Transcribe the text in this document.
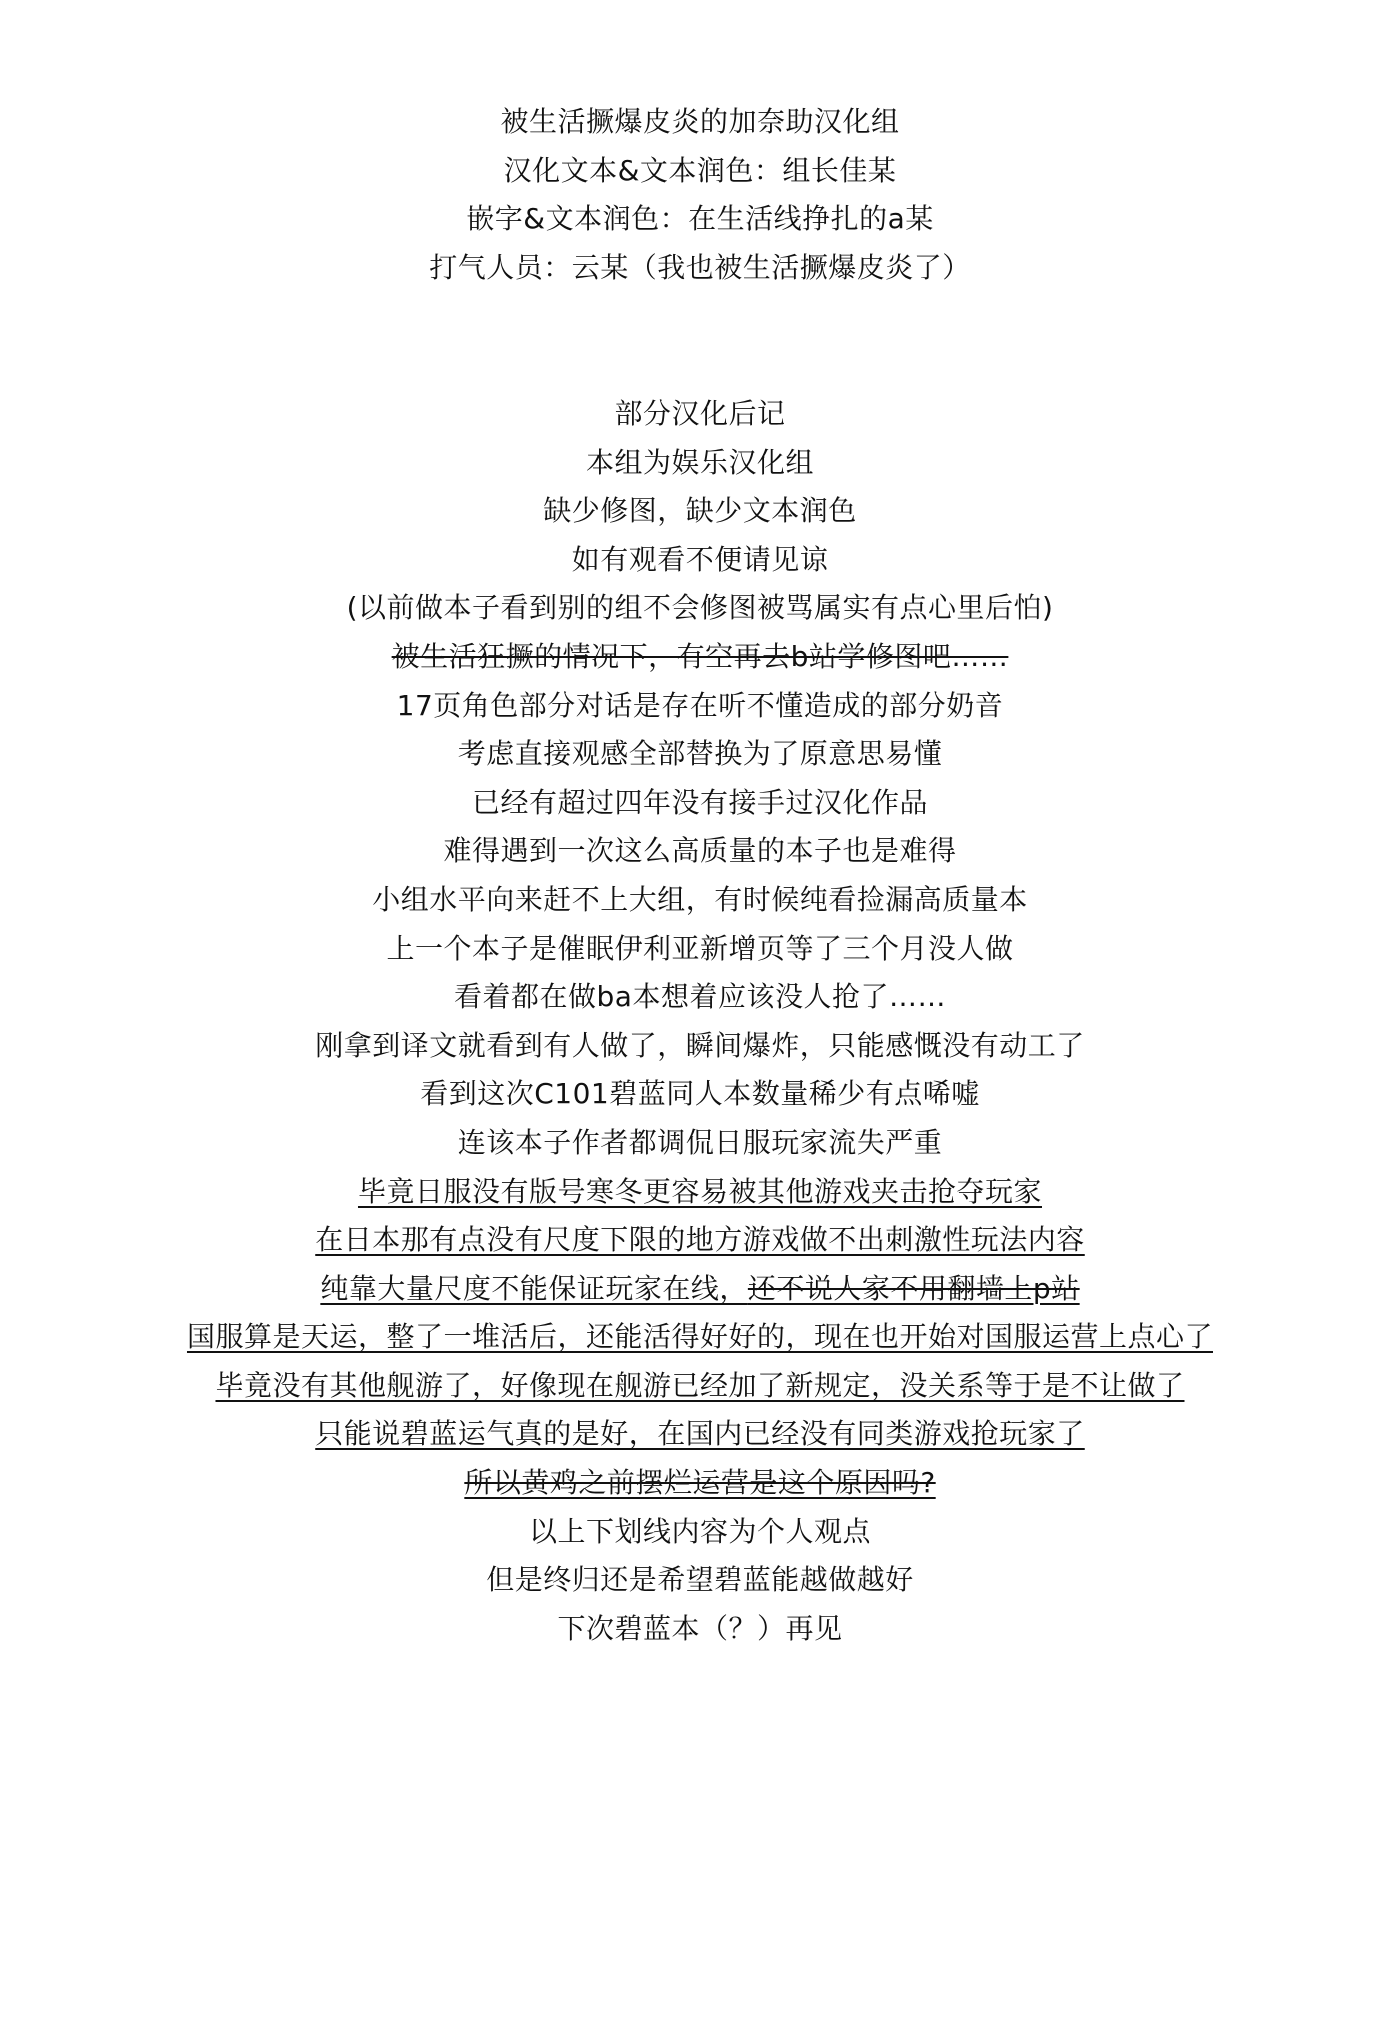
被生活撅爆皮炎的加奈助汉化组
汉化文本&文本润色：组长佳某
嵌字&文本润色：在生活线挣扎的a某
打气人员：云某（我也被生活撅爆皮炎了）
部分汉化后记
本组为娱乐汉化组
缺少修图，缺少文本润色
如有观看不便请见谅
(以前做本子看到别的组不会修图被骂属实有点心里后怕)
被生活狂撅的情况下，有空再去b站学修图吧……
17页角色部分对话是存在听不懂造成的部分奶音
考虑直接观感全部替换为了原意思易懂
已经有超过四年没有接手过汉化作品
难得遇到一次这么高质量的本子也是难得
小组水平向来赶不上大组，有时候纯看捡漏高质量本
上一个本子是催眠伊利亚新增页等了三个月没人做
看着都在做ba本想着应该没人抢了……
刚拿到译文就看到有人做了，瞬间爆炸，只能感慨没有动工了
看到这次C101碧蓝同人本数量稀少有点唏嘘
连该本子作者都调侃日服玩家流失严重
毕竟日服没有版号寒冬更容易被其他游戏夹击抢夺玩家
在日本那有点没有尺度下限的地方游戏做不出刺激性玩法内容
纯靠大量尺度不能保证玩家在线，还不说人家不用翻墙上p站
国服算是天运，整了一堆活后，还能活得好好的，现在也开始对国服运营上点心了
毕竟没有其他舰游了，好像现在舰游已经加了新规定，没关系等于是不让做了
只能说碧蓝运气真的是好，在国内已经没有同类游戏抢玩家了
所以黄鸡之前摆烂运营是这个原因吗?
以上下划线内容为个人观点
但是终归还是希望碧蓝能越做越好
下次碧蓝本（？）再见
